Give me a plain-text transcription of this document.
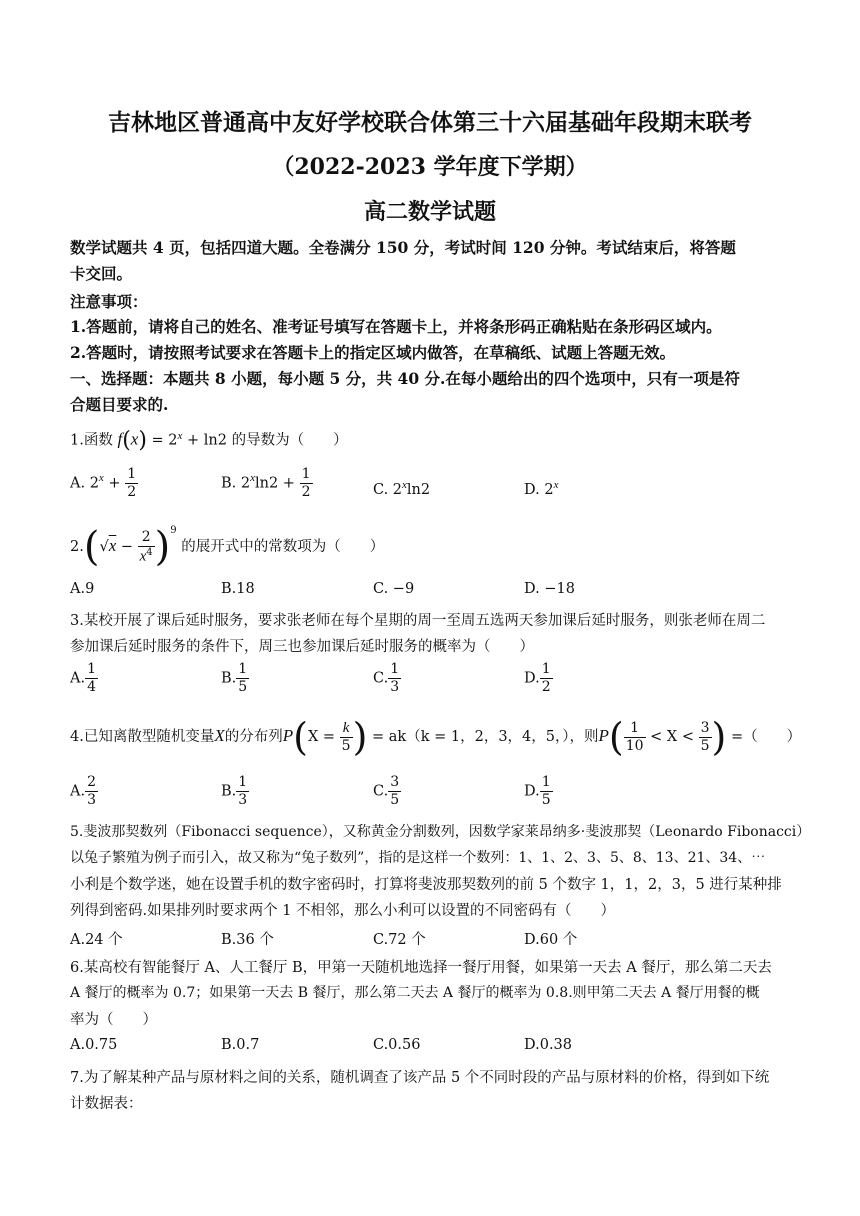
吉林地区普通高中友好学校联合体第三十六届基础年段期末联考
（2022-2023 学年度下学期）
高二数学试题
数学试题共 4 页，包括四道大题。全卷满分 150 分，考试时间 120 分钟。考试结束后，将答题
卡交回。
注意事项：
1.答题前，请将自己的姓名、准考证号填写在答题卡上，并将条形码正确粘贴在条形码区域内。
2.答题时，请按照考试要求在答题卡上的指定区域内做答，在草稿纸、试题上答题无效。
一、选择题：本题共 8 小题，每小题 5 分，共 40 分.在每小题给出的四个选项中，只有一项是符
合题目要求的.
1.函数 $f(x) = 2^x + \ln 2$ 的导数为（　　）
A. $2^x + \frac{1}{2}$	B. $2^x\ln 2 + \frac{1}{2}$	C. 2$^x$ln2	D. 2$^x$
$2.(√x - \frac{2}{x^4} )^9$ 的展开式中的常数项为（　　）
A.9	B.18	C. −9	D. −18
3.某校开展了课后延时服务，要求张老师在每个星期的周一至周五选两天参加课后延时服务，则张老师在周二
参加课后延时服务的条件下，周三也参加课后延时服务的概率为（　　）
A. $\frac{1}{4}$	B. $\frac{1}{5}$	C. $\frac{1}{3}$	D. $\frac{1}{2}$
4.已知离散型随机变量X的分布列$P(X = \frac{k}{5}$ ) = ak（k = 1，2，3，4，5，），则$P( \frac{1}{10} < X < \frac{3}{5}$ ) =（　　）
A. $\frac{2}{3}$	B. $\frac{1}{3}$	C. $\frac{3}{5}$	D. $\frac{1}{5}$
5.斐波那契数列（Fibonacci sequence），又称黄金分割数列，因数学家莱昂纳多·斐波那契（Leonardo Fibonacci）
以兔子繁殖为例子而引入，故又称为“兔子数列”，指的是这样一个数列：1、1、2、3、5、8、13、21、34、⋯
小利是个数学迷，她在设置手机的数字密码时，打算将斐波那契数列的前 5 个数字 1，1，2，3，5 进行某种排
列得到密码.如果排列时要求两个 1 不相邻，那么小利可以设置的不同密码有（　　）
A.24 个	B.36 个	C.72 个	D.60 个
6.某高校有智能餐厅 A、人工餐厅 B，甲第一天随机地选择一餐厅用餐，如果第一天去 A 餐厅，那么第二天去
A 餐厅的概率为 0.7；如果第一天去 B 餐厅，那么第二天去 A 餐厅的概率为 0.8.则甲第二天去 A 餐厅用餐的概
率为（　　）
A.0.75	B.0.7	C.0.56	D.0.38
7.为了解某种产品与原材料之间的关系，随机调查了该产品 5 个不同时段的产品与原材料的价格，得到如下统
计数据表：
